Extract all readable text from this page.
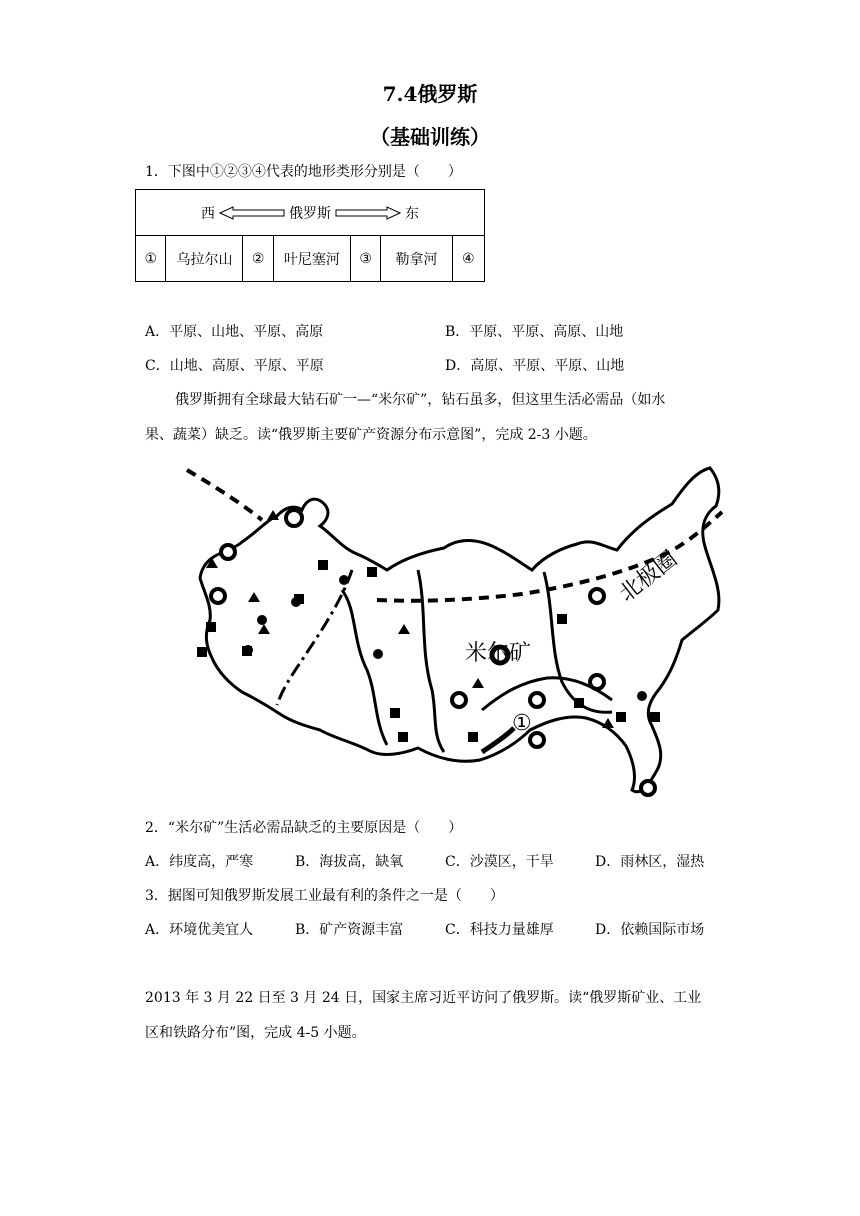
7.4俄罗斯
（基础训练）
1．下图中①②③④代表的地形类形分别是（　　）
西	俄罗斯	东

①	乌拉尔山	②	叶尼塞河	③	勒拿河	④
A．平原、山地、平原、高原	B．平原、平原、高原、山地
C．山地、高原、平原、平原	D．高原、平原、平原、山地
俄罗斯拥有全球最大钻石矿一—“米尔矿”，钻石虽多，但这里生活必需品（如水
果、蔬菜）缺乏。读“俄罗斯主要矿产资源分布示意图”，完成 2-3 小题。
米尔矿
①
北极圈
2．“米尔矿”生活必需品缺乏的主要原因是（　　）
A．纬度高，严寒	B．海拔高，缺氧	C．沙漠区，干旱	D．雨林区，湿热
3．据图可知俄罗斯发展工业最有利的条件之一是（　　）
A．环境优美宜人	B．矿产资源丰富	C．科技力量雄厚	D．依赖国际市场
2013 年 3 月 22 日至 3 月 24 日，国家主席习近平访问了俄罗斯。读“俄罗斯矿业、工业
区和铁路分布”图，完成 4-5 小题。
